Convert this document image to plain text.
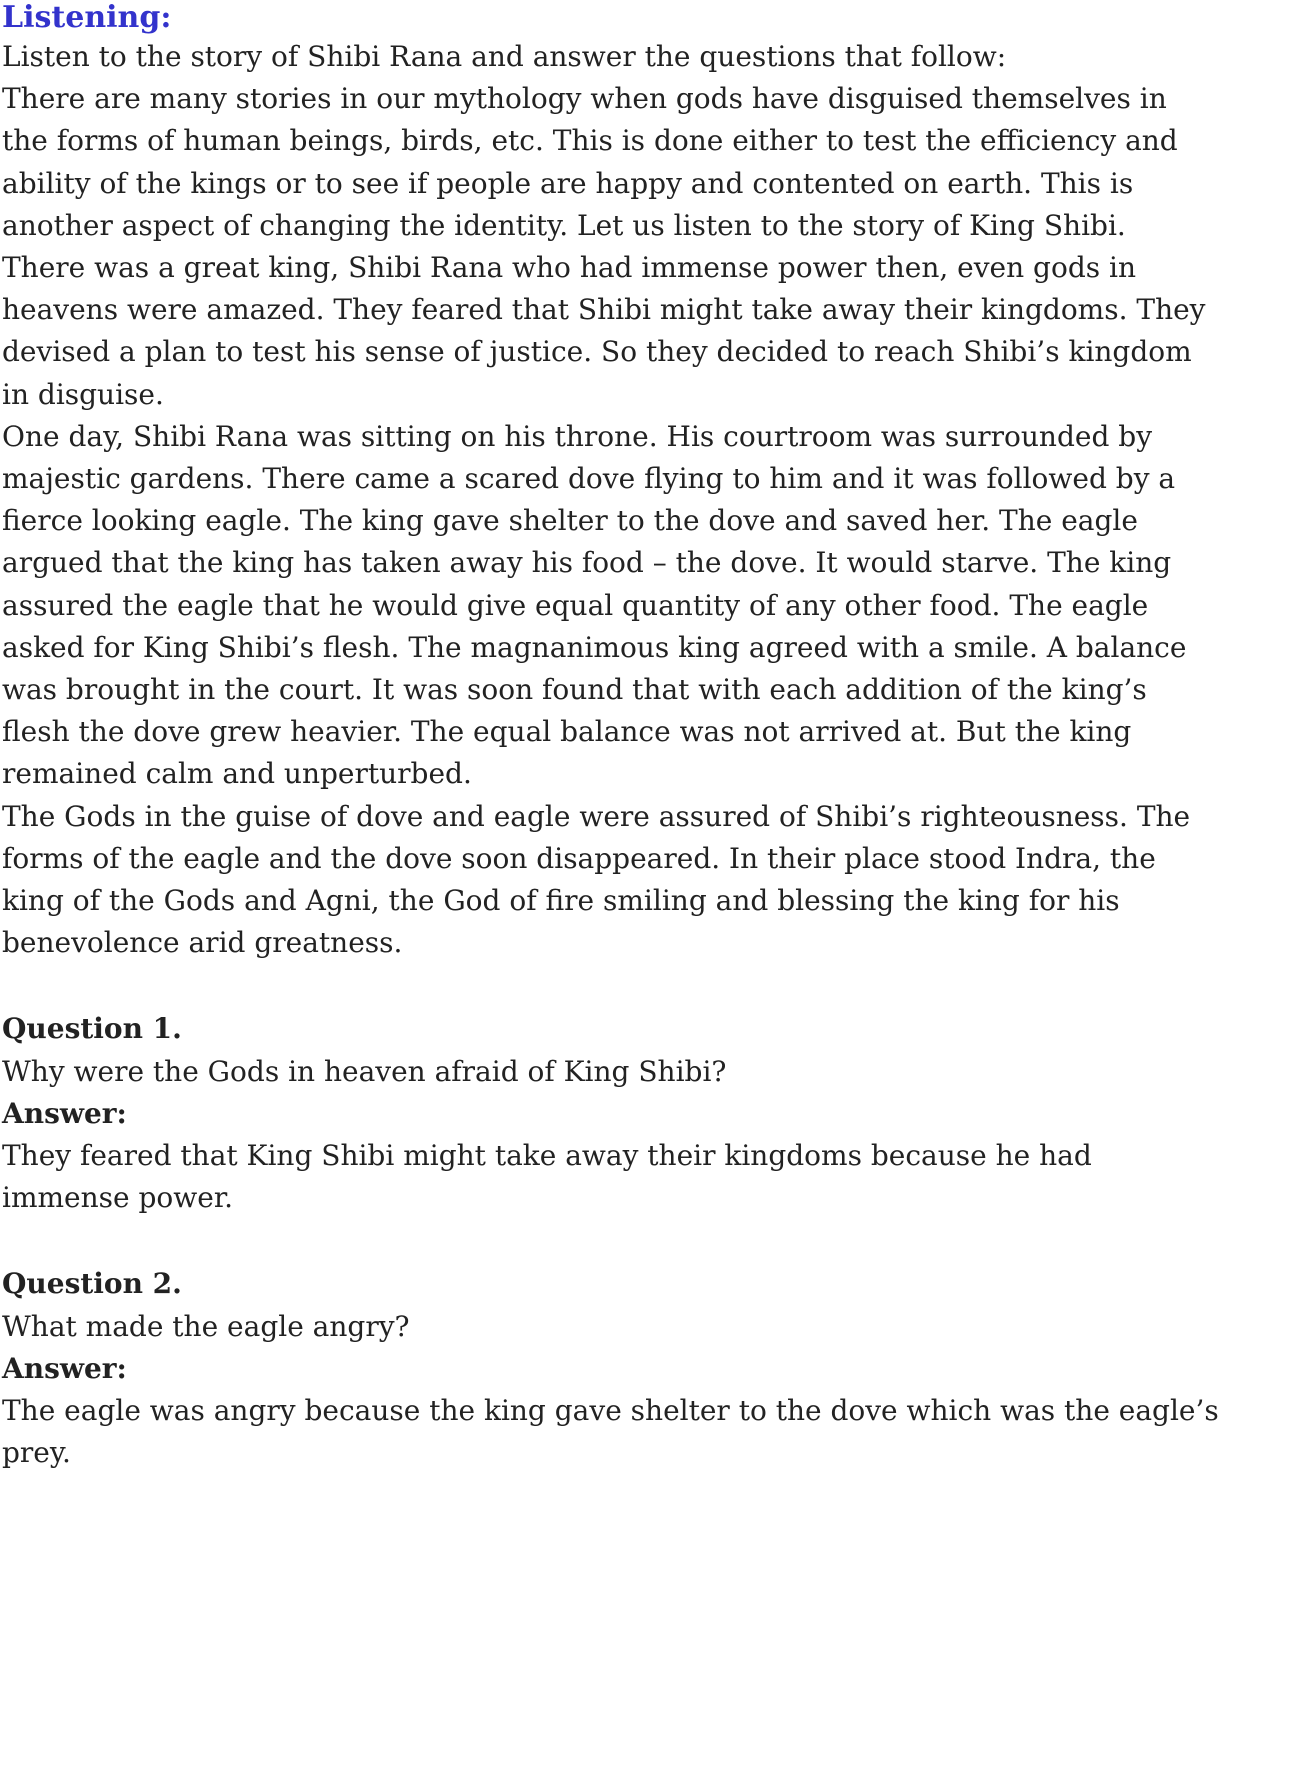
Listening:

Listen to the story of Shibi Rana and answer the questions that follow:
There are many stories in our mythology when gods have disguised themselves in
the forms of human beings, birds, etc. This is done either to test the efficiency and
ability of the kings or to see if people are happy and contented on earth. This is
another aspect of changing the identity. Let us listen to the story of King Shibi.

There was a great king, Shibi Rana who had immense power then, even gods in
heavens were amazed. They feared that Shibi might take away their kingdoms. They
devised a plan to test his sense of justice. So they decided to reach Shibi’s kingdom
in disguise.

One day, Shibi Rana was sitting on his throne. His courtroom was surrounded by
majestic gardens. There came a scared dove flying to him and it was followed by a
fierce looking eagle. The king gave shelter to the dove and saved her. The eagle
argued that the king has taken away his food – the dove. It would starve. The king
assured the eagle that he would give equal quantity of any other food. The eagle
asked for King Shibi’s flesh. The magnanimous king agreed with a smile. A balance
was brought in the court. It was soon found that with each addition of the king’s
flesh the dove grew heavier. The equal balance was not arrived at. But the king
remained calm and unperturbed.

The Gods in the guise of dove and eagle were assured of Shibi’s righteousness. The
forms of the eagle and the dove soon disappeared. In their place stood Indra, the
king of the Gods and Agni, the God of fire smiling and blessing the king for his
benevolence arid greatness.

Question 1.

Why were the Gods in heaven afraid of King Shibi?

Answer:

They feared that King Shibi might take away their kingdoms because he had
immense power.

Question 2.

What made the eagle angry?

Answer:

The eagle was angry because the king gave shelter to the dove which was the eagle’s
prey.
